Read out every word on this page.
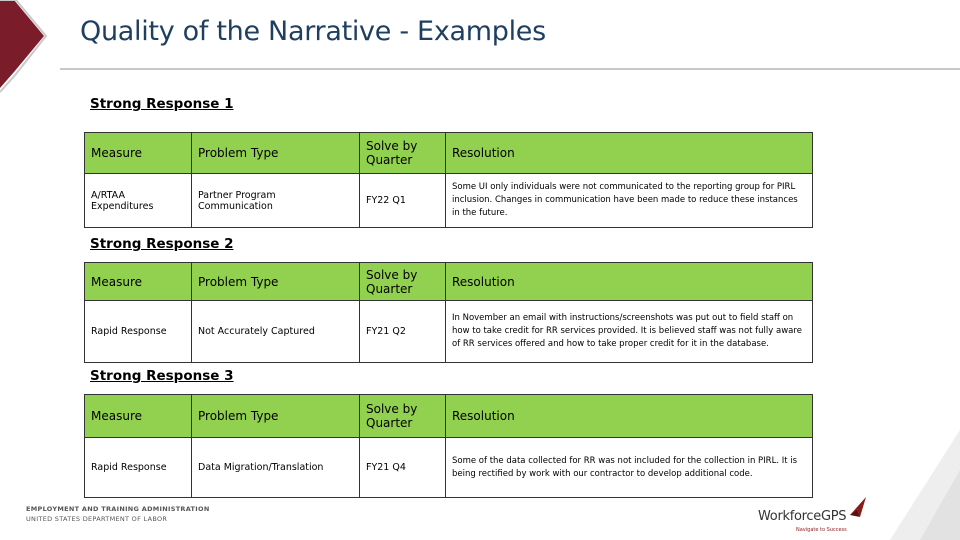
Quality of the Narrative - Examples
Strong Response 1
Measure	Problem Type	Solve by Quarter	Resolution
A/RTAA Expenditures	Partner Program Communication	FY22 Q1	Some UI only individuals were not communicated to the reporting group for PIRL inclusion. Changes in communication have been made to reduce these instances in the future.
Strong Response 2
Measure	Problem Type	Solve by Quarter	Resolution
Rapid Response	Not Accurately Captured	FY21 Q2	In November an email with instructions/screenshots was put out to field staff on how to take credit for RR services provided. It is believed staff was not fully aware of RR services offered and how to take proper credit for it in the database.
Strong Response 3
Measure	Problem Type	Solve by Quarter	Resolution
Rapid Response	Data Migration/Translation	FY21 Q4	Some of the data collected for RR was not included for the collection in PIRL. It is being rectified by work with our contractor to develop additional code.
EMPLOYMENT AND TRAINING ADMINISTRATION
UNITED STATES DEPARTMENT OF LABOR	WorkforceGPS
Navigate to Success
